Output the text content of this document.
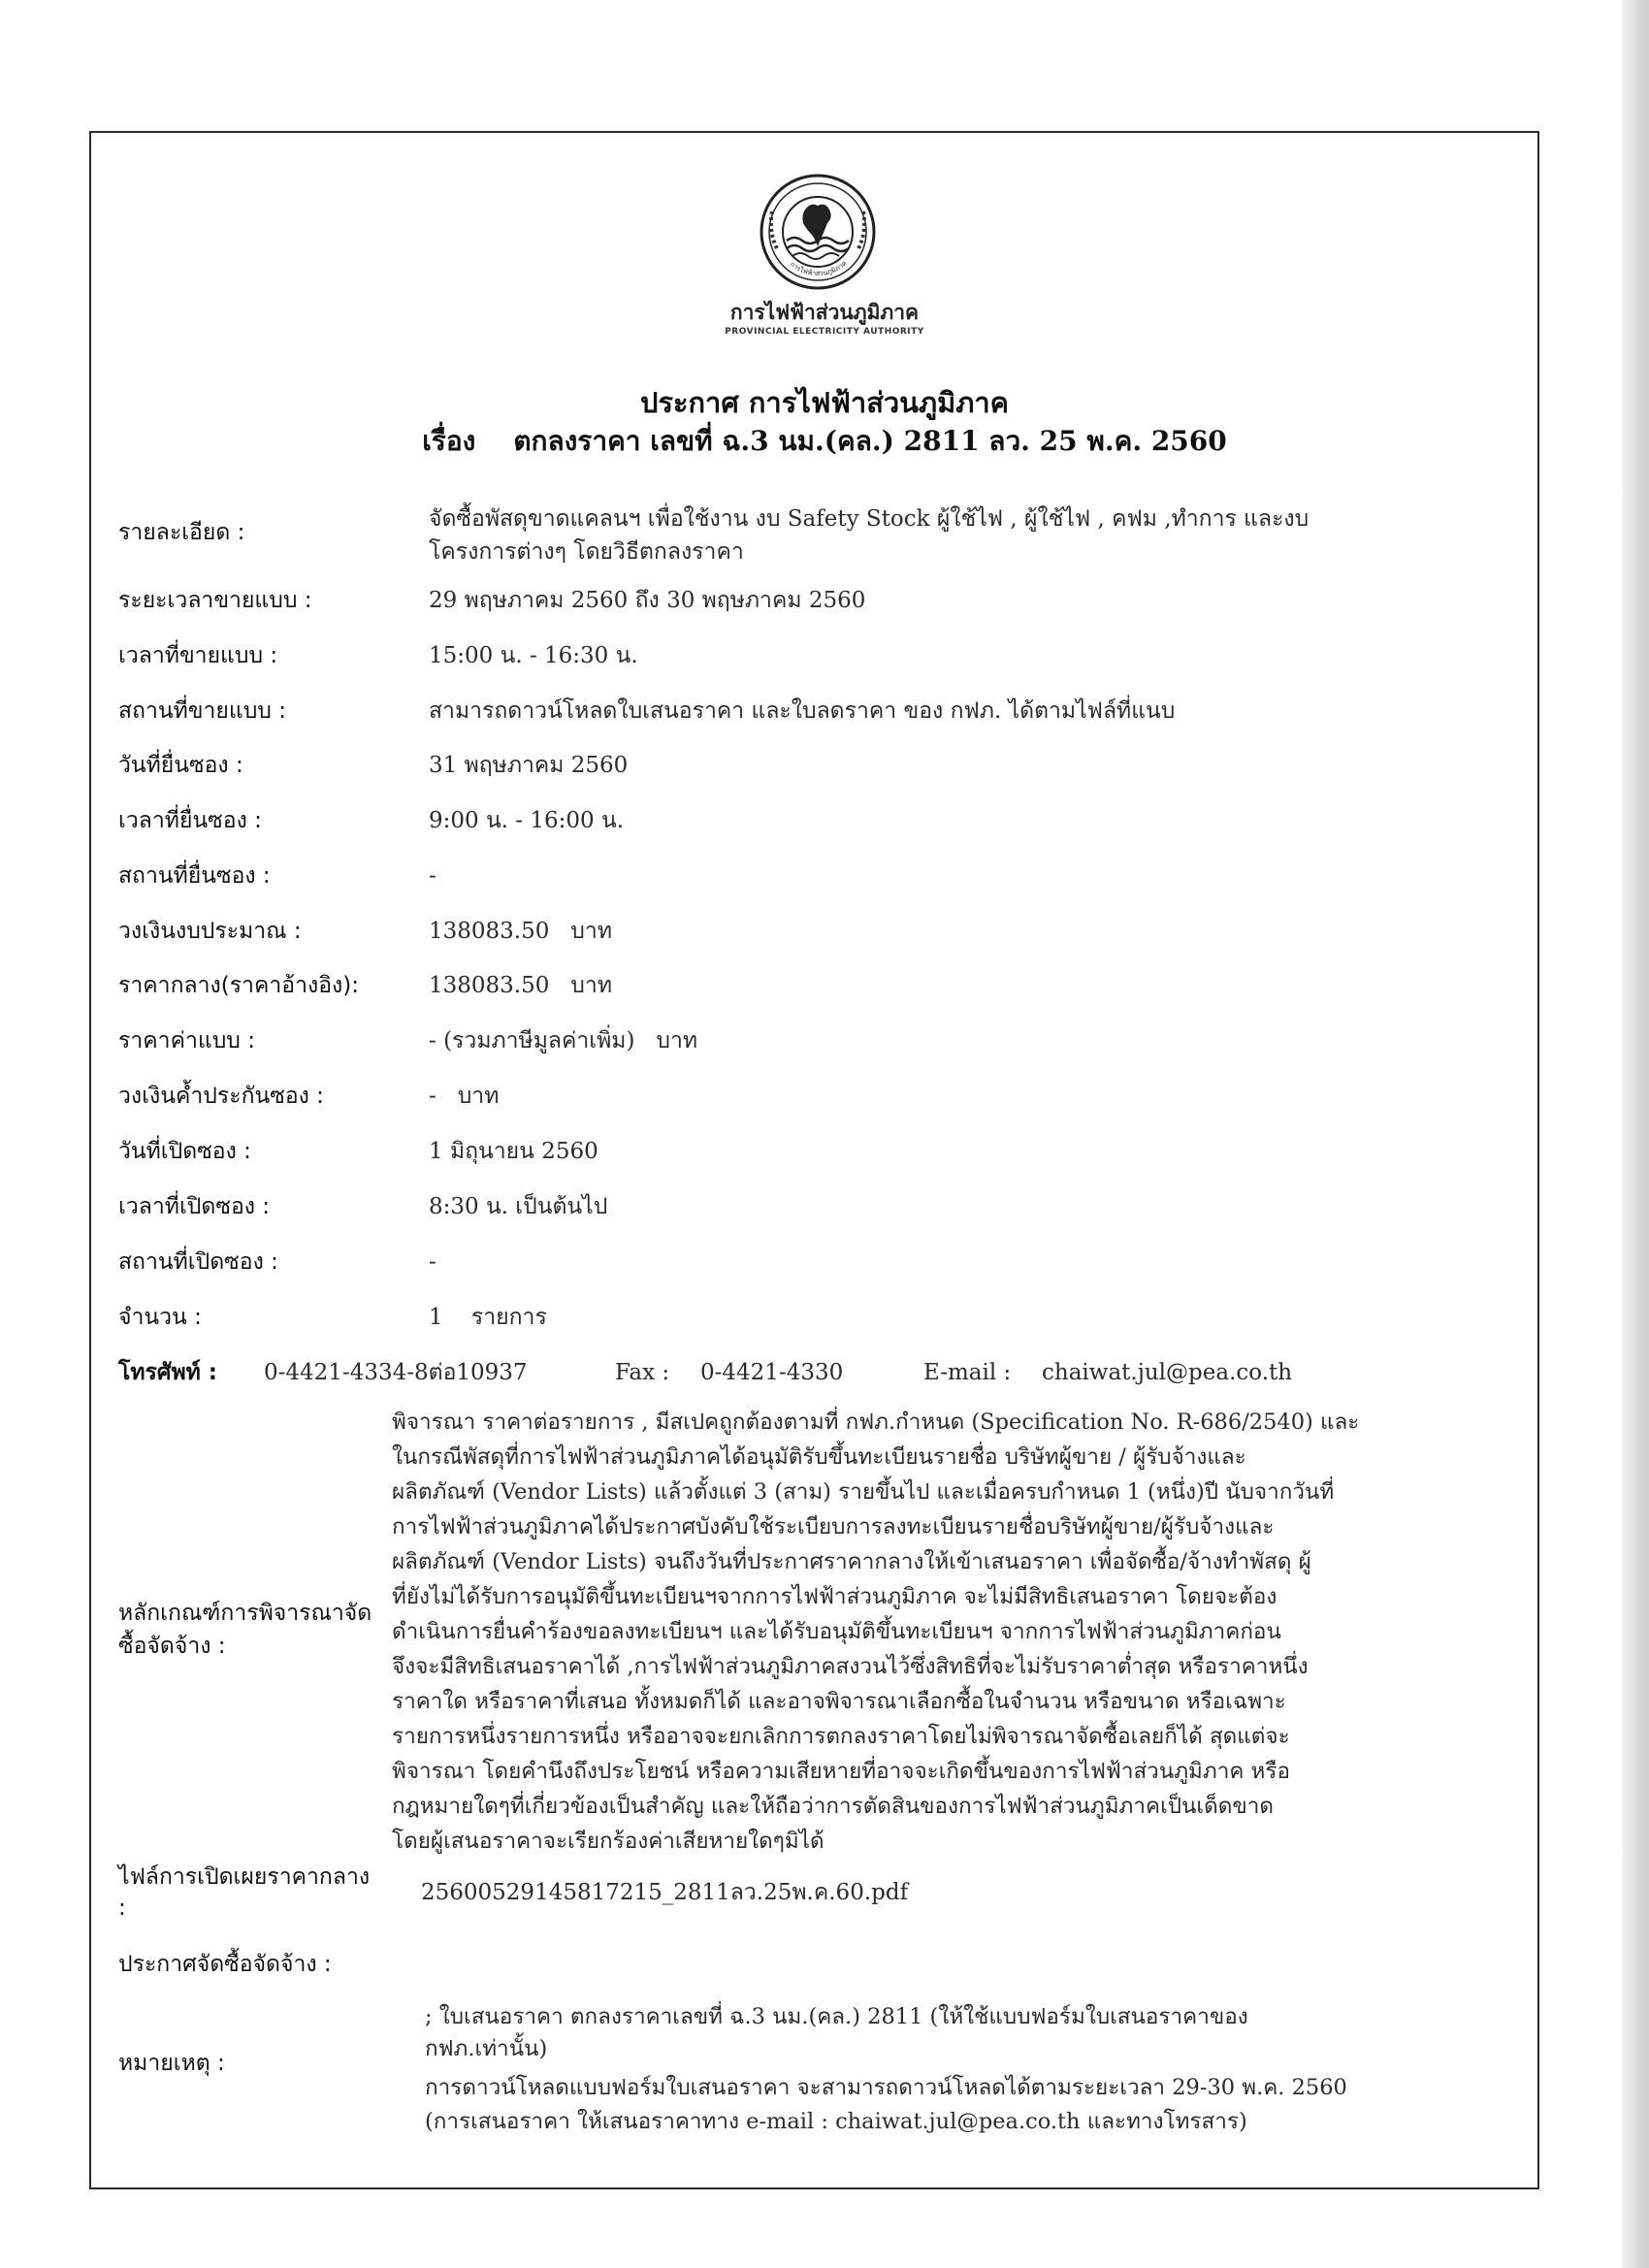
การไฟฟ้าส่วนภูมิภาค
การไฟฟ้าส่วนภูมิภาค
PROVINCIAL ELECTRICITY AUTHORITY
ประกาศ การไฟฟ้าส่วนภูมิภาค
เรื่อง ตกลงราคา เลขที่ ฉ.3 นม.(คล.) 2811 ลว. 25 พ.ค. 2560
รายละเอียด :
จัดซื้อพัสดุขาดแคลนฯ เพื่อใช้งาน งบ Safety Stock ผู้ใช้ไฟ , ผู้ใช้ไฟ , คฟม ,ทำการ และงบ
โครงการต่างๆ โดยวิธีตกลงราคา
ระยะเวลาขายแบบ :	29 พฤษภาคม 2560 ถึง 30 พฤษภาคม 2560
เวลาที่ขายแบบ :	15:00 น. - 16:30 น.
สถานที่ขายแบบ :	สามารถดาวน์โหลดใบเสนอราคา และใบลดราคา ของ กฟภ. ได้ตามไฟล์ที่แนบ
วันที่ยื่นซอง :	31 พฤษภาคม 2560
เวลาที่ยื่นซอง :	9:00 น. - 16:00 น.
สถานที่ยื่นซอง :	-
วงเงินงบประมาณ :	138083.50   บาท
ราคากลาง(ราคาอ้างอิง):	138083.50   บาท
ราคาค่าแบบ :	- (รวมภาษีมูลค่าเพิ่ม)   บาท
วงเงินค้ำประกันซอง :	-   บาท
วันที่เปิดซอง :	1 มิถุนายน 2560
เวลาที่เปิดซอง :	8:30 น. เป็นต้นไป
สถานที่เปิดซอง :	-
จำนวน :	1    รายการ
โทรศัพท์ : 0-4421-4334-8ต่อ10937	Fax : 0-4421-4330	E-mail : chaiwat.jul@pea.co.th
หลักเกณฑ์การพิจารณาจัด
ซื้อจัดจ้าง :
พิจารณา ราคาต่อรายการ , มีสเปคถูกต้องตามที่ กฟภ.กำหนด (Specification No. R-686/2540) และ
ในกรณีพัสดุที่การไฟฟ้าส่วนภูมิภาคได้อนุมัติรับขึ้นทะเบียนรายชื่อ บริษัทผู้ขาย / ผู้รับจ้างและ
ผลิตภัณฑ์ (Vendor Lists) แล้วตั้งแต่ 3 (สาม) รายขึ้นไป และเมื่อครบกำหนด 1 (หนึ่ง)ปี นับจากวันที่
การไฟฟ้าส่วนภูมิภาคได้ประกาศบังคับใช้ระเบียบการลงทะเบียนรายชื่อบริษัทผู้ขาย/ผู้รับจ้างและ
ผลิตภัณฑ์ (Vendor Lists) จนถึงวันที่ประกาศราคากลางให้เข้าเสนอราคา เพื่อจัดซื้อ/จ้างทำพัสดุ ผู้
ที่ยังไม่ได้รับการอนุมัติขึ้นทะเบียนฯจากการไฟฟ้าส่วนภูมิภาค จะไม่มีสิทธิเสนอราคา โดยจะต้อง
ดำเนินการยื่นคำร้องขอลงทะเบียนฯ และได้รับอนุมัติขึ้นทะเบียนฯ จากการไฟฟ้าส่วนภูมิภาคก่อน
จึงจะมีสิทธิเสนอราคาได้ ,การไฟฟ้าส่วนภูมิภาคสงวนไว้ซึ่งสิทธิที่จะไม่รับราคาต่ำสุด หรือราคาหนึ่ง
ราคาใด หรือราคาที่เสนอ ทั้งหมดก็ได้ และอาจพิจารณาเลือกซื้อในจำนวน หรือขนาด หรือเฉพาะ
รายการหนึ่งรายการหนึ่ง หรืออาจจะยกเลิกการตกลงราคาโดยไม่พิจารณาจัดซื้อเลยก็ได้ สุดแต่จะ
พิจารณา โดยคำนึงถึงประโยชน์ หรือความเสียหายที่อาจจะเกิดขึ้นของการไฟฟ้าส่วนภูมิภาค หรือ
กฎหมายใดๆที่เกี่ยวข้องเป็นสำคัญ และให้ถือว่าการตัดสินของการไฟฟ้าส่วนภูมิภาคเป็นเด็ดขาด
โดยผู้เสนอราคาจะเรียกร้องค่าเสียหายใดๆมิได้
ไฟล์การเปิดเผยราคากลาง
:
25600529145817215_2811ลว.25พ.ค.60.pdf
ประกาศจัดซื้อจัดจ้าง :
หมายเหตุ :
; ใบเสนอราคา ตกลงราคาเลขที่ ฉ.3 นม.(คล.) 2811 (ให้ใช้แบบฟอร์มใบเสนอราคาของ
กฟภ.เท่านั้น)
การดาวน์โหลดแบบฟอร์มใบเสนอราคา จะสามารถดาวน์โหลดได้ตามระยะเวลา 29-30 พ.ค. 2560
(การเสนอราคา ให้เสนอราคาทาง e-mail : chaiwat.jul@pea.co.th และทางโทรสาร)
